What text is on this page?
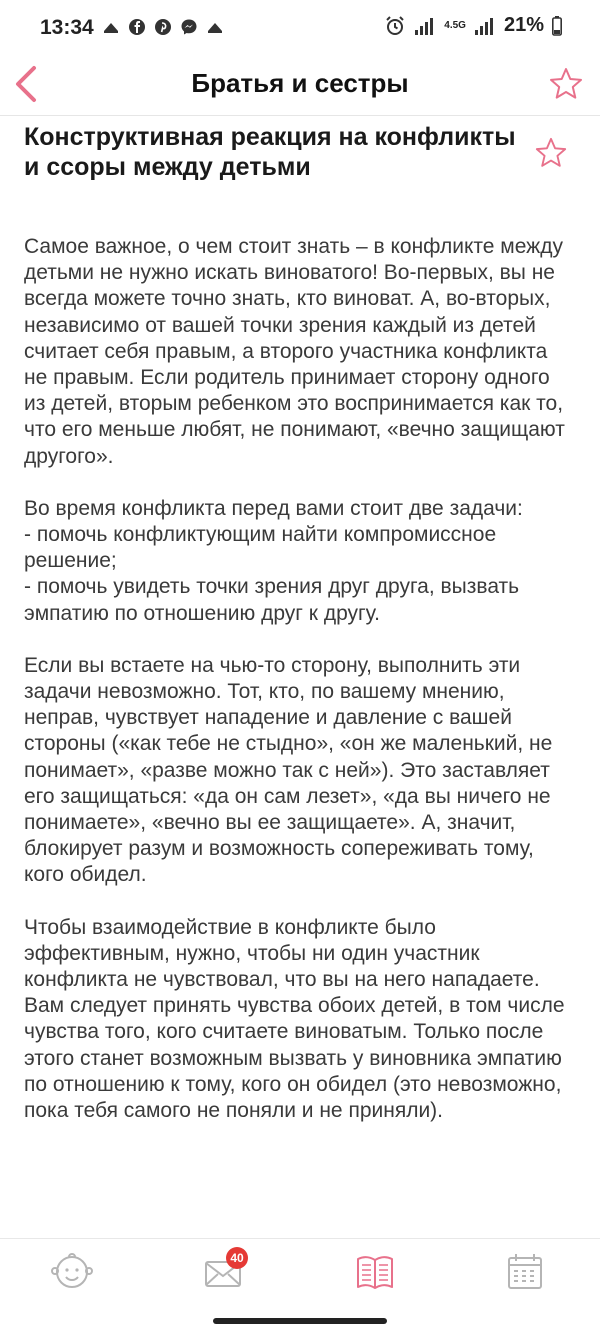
13:34	4.5G 21%
Братья и сестры
Конструктивная реакция на конфликты и ссоры между детьми

Самое важное, о чем стоит знать – в конфликте между детьми не нужно искать виноватого! Во-первых, вы не всегда можете точно знать, кто виноват. А, во-вторых, независимо от вашей точки зрения каждый из детей считает себя правым, а второго участника конфликта не правым. Если родитель принимает сторону одного из детей, вторым ребенком это воспринимается как то, что его меньше любят, не понимают, «вечно защищают другого».

Во время конфликта перед вами стоит две задачи:
- помочь конфликтующим найти компромиссное решение;
- помочь увидеть точки зрения друг друга, вызвать эмпатию по отношению друг к другу.

Если вы встаете на чью-то сторону, выполнить эти задачи невозможно. Тот, кто, по вашему мнению, неправ, чувствует нападение и давление с вашей стороны («как тебе не стыдно», «он же маленький, не понимает», «разве можно так с ней»). Это заставляет его защищаться: «да он сам лезет», «да вы ничего не понимаете», «вечно вы ее защищаете». А, значит, блокирует разум и возможность сопереживать тому, кого обидел.

Чтобы взаимодействие в конфликте было эффективным, нужно, чтобы ни один участник конфликта не чувствовал, что вы на него нападаете. Вам следует принять чувства обоих детей, в том числе чувства того, кого считаете виноватым. Только после этого станет возможным вызвать у виновника эмпатию по отношению к тому, кого он обидел (это невозможно, пока тебя самого не поняли и не приняли).

40
